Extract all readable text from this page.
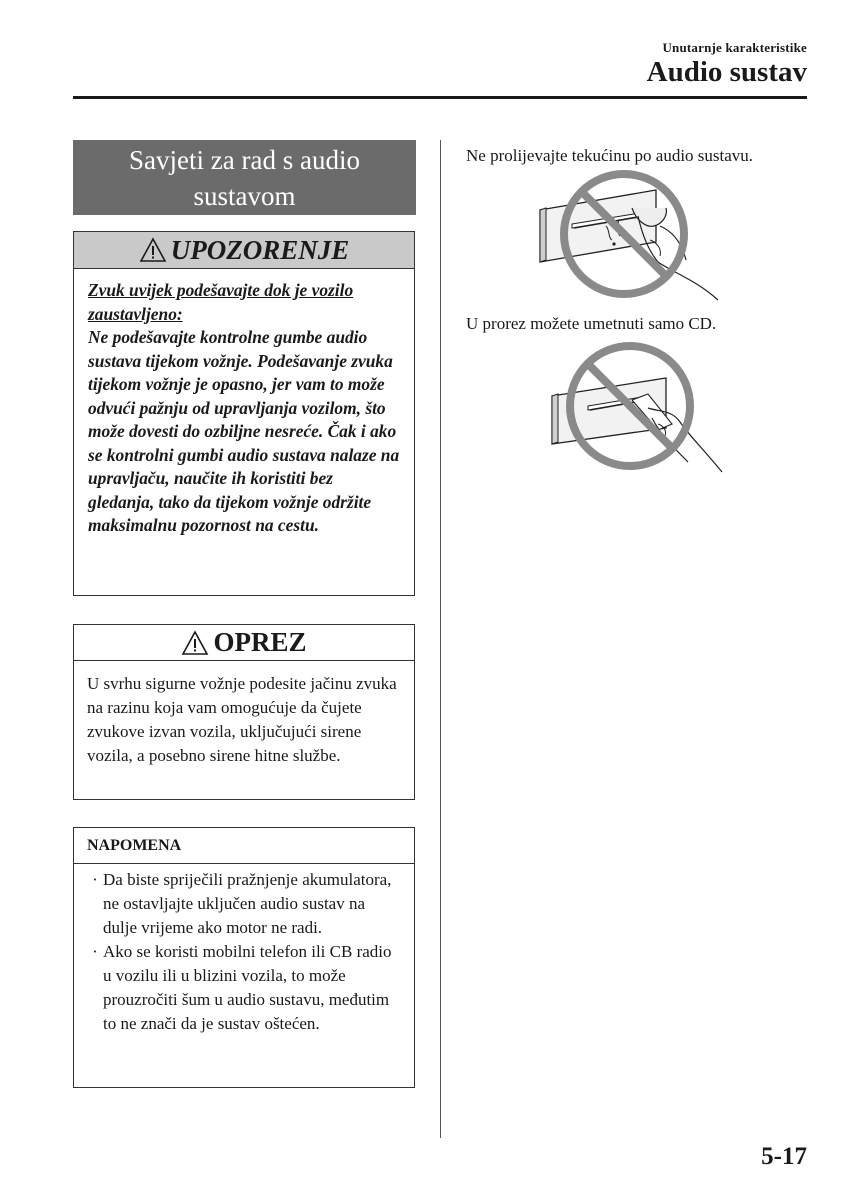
Unutarnje karakteristike
Audio sustav
Savjeti za rad s audio sustavom
UPOZORENJE

Zvuk uvijek podešavajte dok je vozilo zaustavljeno:

Ne podešavajte kontrolne gumbe audio sustava tijekom vožnje. Podešavanje zvuka tijekom vožnje je opasno, jer vam to može odvući pažnju od upravljanja vozilom, što može dovesti do ozbiljne nesreće. Čak i ako se kontrolni gumbi audio sustava nalaze na upravljaču, naučite ih koristiti bez gledanja, tako da tijekom vožnje održite maksimalnu pozornost na cestu.

OPREZ
U svrhu sigurne vožnje podesite jačinu zvuka na razinu koja vam omogućuje da čujete zvukove izvan vozila, uključujući sirene vozila, a posebno sirene hitne službe.
NAPOMENA
· Da biste spriječili pražnjenje akumulatora, ne ostavljajte uključen audio sustav na dulje vrijeme ako motor ne radi.
· Ako se koristi mobilni telefon ili CB radio u vozilu ili u blizini vozila, to može prouzročiti šum u audio sustavu, međutim to ne znači da je sustav oštećen.
Ne prolijevajte tekućinu po audio sustavu.
U prorez možete umetnuti samo CD.
5-17
